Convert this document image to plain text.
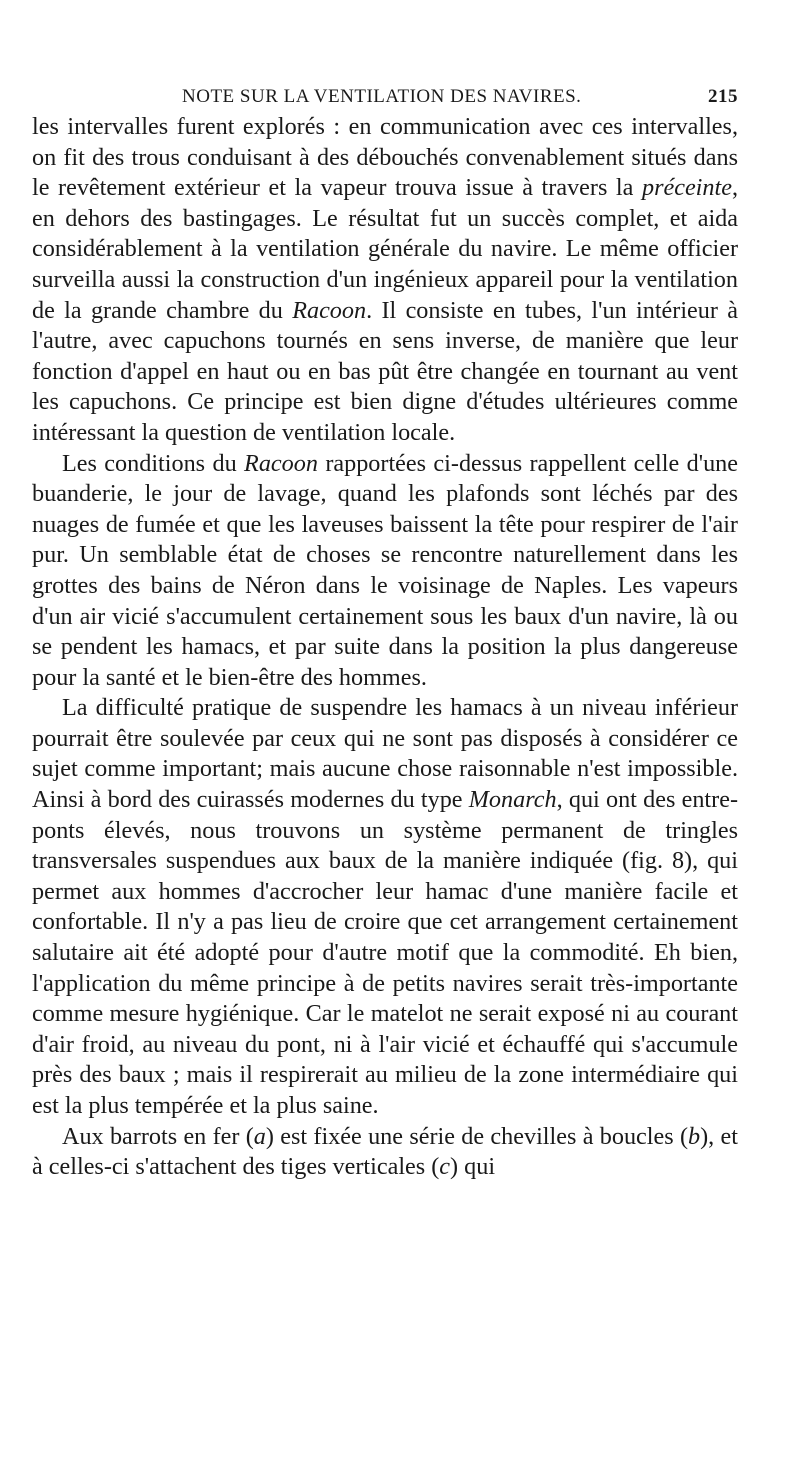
NOTE SUR LA VENTILATION DES NAVIRES.	215

les intervalles furent explorés : en communication avec ces intervalles, on fit des trous conduisant à des débouchés convenablement situés dans le revêtement extérieur et la vapeur trouva issue à travers la préceinte, en dehors des bastingages. Le résultat fut un succès complet, et aida considérablement à la ventilation générale du navire. Le même officier surveilla aussi la construction d'un ingénieux appareil pour la ventilation de la grande chambre du Racoon. Il consiste en tubes, l'un intérieur à l'autre, avec capuchons tournés en sens inverse, de manière que leur fonction d'appel en haut ou en bas pût être changée en tournant au vent les capuchons. Ce principe est bien digne d'études ultérieures comme intéressant la question de ventilation locale.

Les conditions du Racoon rapportées ci-dessus rappellent celle d'une buanderie, le jour de lavage, quand les plafonds sont léchés par des nuages de fumée et que les laveuses baissent la tête pour respirer de l'air pur. Un semblable état de choses se rencontre naturellement dans les grottes des bains de Néron dans le voisinage de Naples. Les vapeurs d'un air vicié s'accumulent certainement sous les baux d'un navire, là ou se pendent les hamacs, et par suite dans la position la plus dangereuse pour la santé et le bien-être des hommes.

La difficulté pratique de suspendre les hamacs à un niveau inférieur pourrait être soulevée par ceux qui ne sont pas disposés à considérer ce sujet comme important; mais aucune chose raisonnable n'est impossible. Ainsi à bord des cuirassés modernes du type Monarch, qui ont des entre-ponts élevés, nous trouvons un système permanent de tringles transversales suspendues aux baux de la manière indiquée (fig. 8), qui permet aux hommes d'accrocher leur hamac d'une manière facile et confortable. Il n'y a pas lieu de croire que cet arrangement certainement salutaire ait été adopté pour d'autre motif que la commodité. Eh bien, l'application du même principe à de petits navires serait très-importante comme mesure hygiénique. Car le matelot ne serait exposé ni au courant d'air froid, au niveau du pont, ni à l'air vicié et échauffé qui s'accumule près des baux ; mais il respirerait au milieu de la zone intermédiaire qui est la plus tempérée et la plus saine.

Aux barrots en fer (a) est fixée une série de chevilles à boucles (b), et à celles-ci s'attachent des tiges verticales (c) qui
